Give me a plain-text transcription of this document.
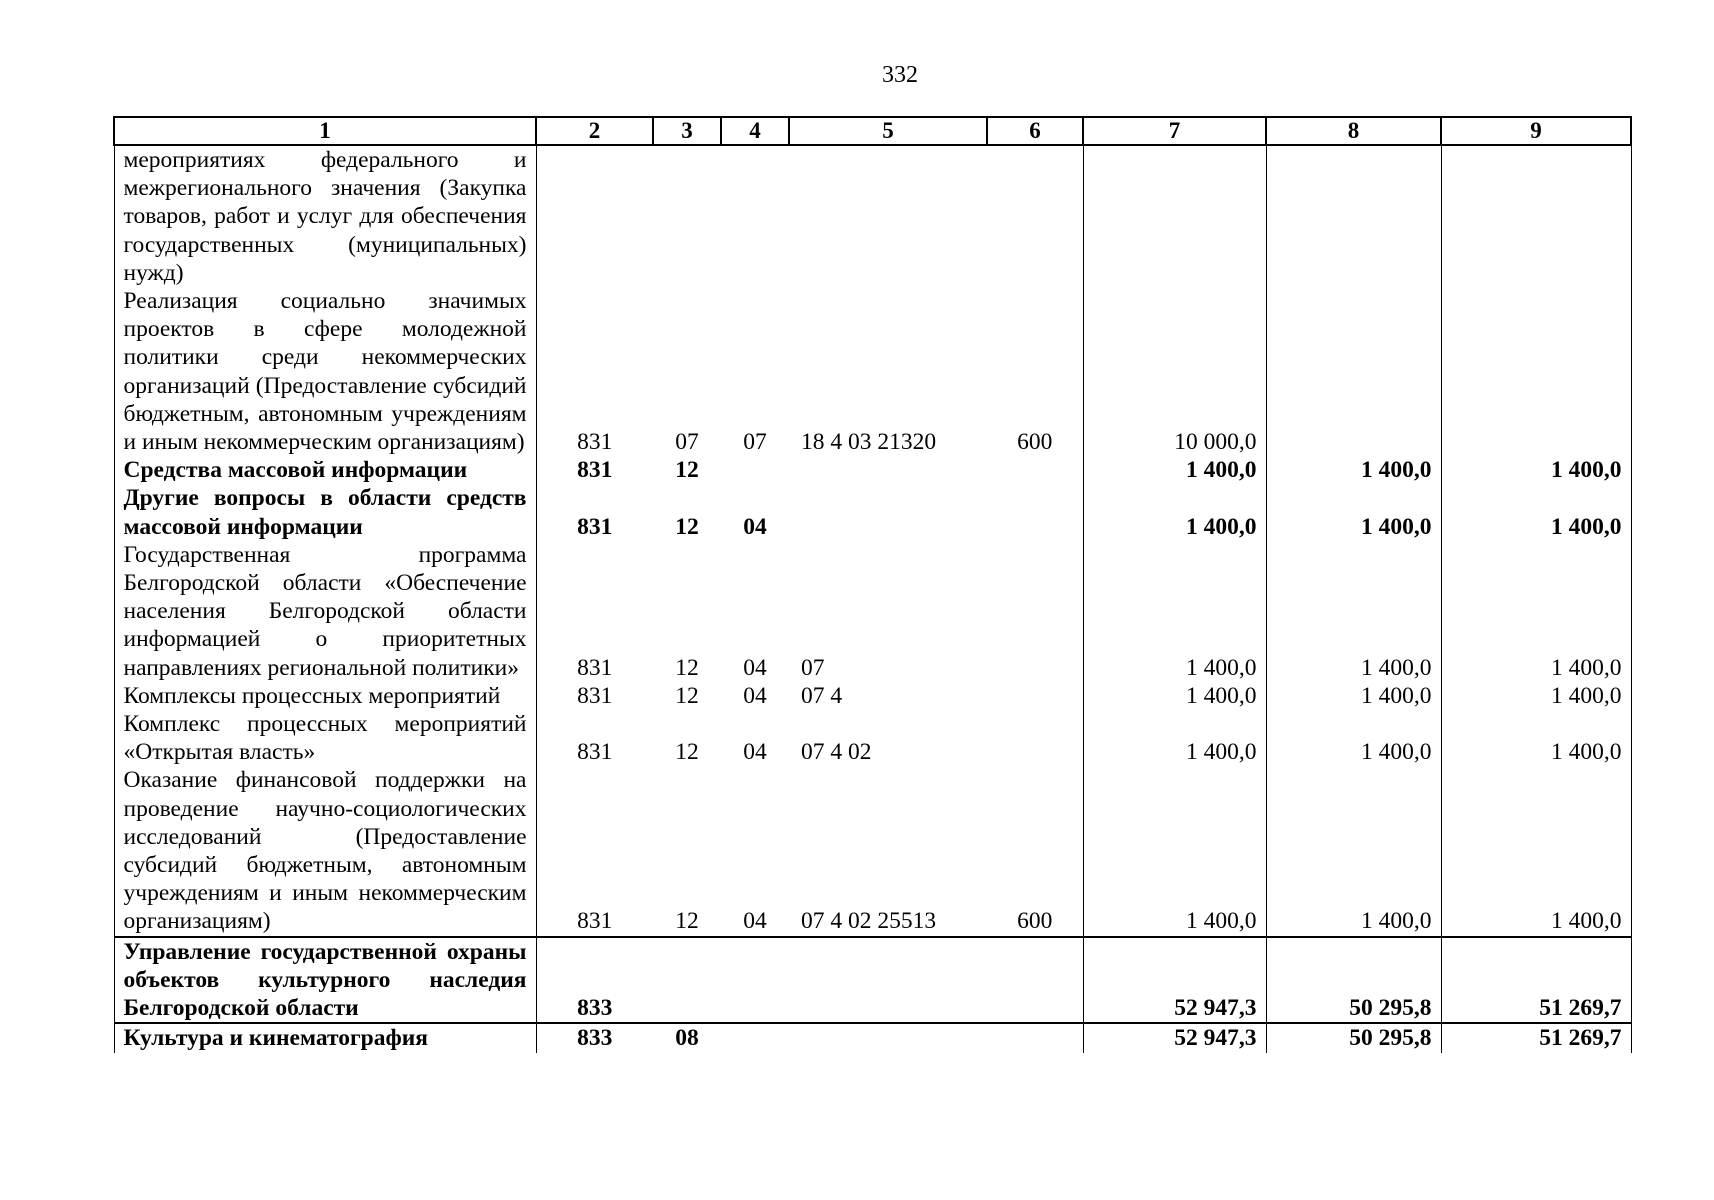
332
1	2	3	4	5	6	7	8	9
мероприятиях федерального и межрегионального значения (Закупка товаров, работ и услуг для обеспечения государственных (муниципальных) нужд)								
Реализация социально значимых проектов в сфере молодежной политики среди некоммерческих организаций (Предоставление субсидий бюджетным, автономным учреждениям и иным некоммерческим организациям)	831	07	07	18 4 03 21320	600	10 000,0		
Средства массовой информации	831	12				1 400,0	1 400,0	1 400,0
Другие вопросы в области средств массовой информации	831	12	04			1 400,0	1 400,0	1 400,0
Государственная программа Белгородской области «Обеспечение населения Белгородской области информацией о приоритетных направлениях региональной политики»	831	12	04	07		1 400,0	1 400,0	1 400,0
Комплексы процессных мероприятий	831	12	04	07 4		1 400,0	1 400,0	1 400,0
Комплекс процессных мероприятий «Открытая власть»	831	12	04	07 4 02		1 400,0	1 400,0	1 400,0
Оказание финансовой поддержки на проведение научно-социологических исследований (Предоставление субсидий бюджетным, автономным учреждениям и иным некоммерческим организациям)	831	12	04	07 4 02 25513	600	1 400,0	1 400,0	1 400,0
Управление государственной охраны объектов культурного наследия Белгородской области	833					52 947,3	50 295,8	51 269,7
Культура и кинематография	833	08				52 947,3	50 295,8	51 269,7
